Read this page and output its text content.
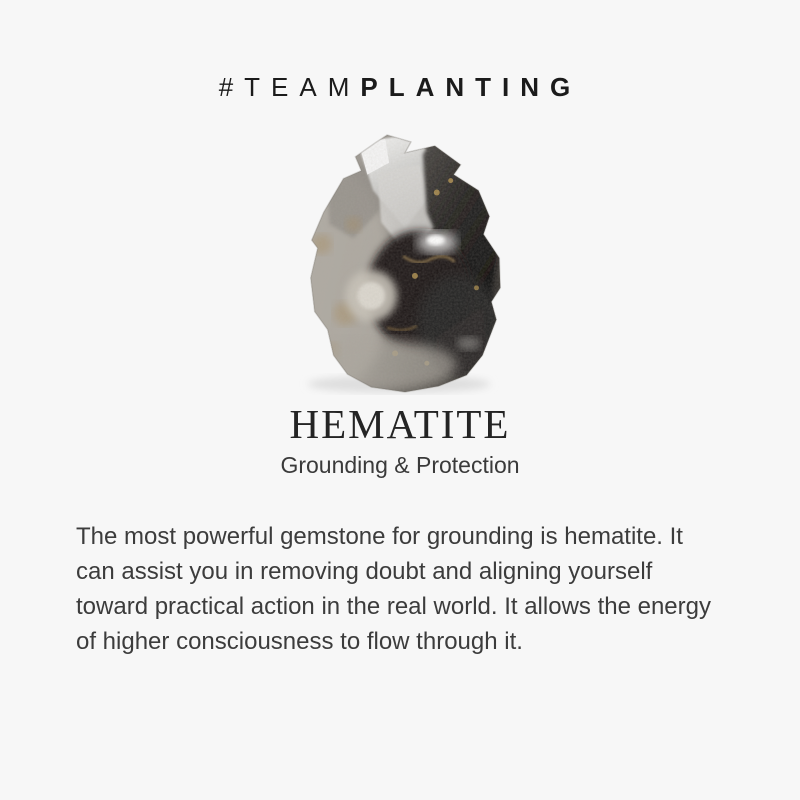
#TEAMPLANTING
HEMATITE
Grounding & Protection

The most powerful gemstone for grounding is hematite. It can assist you in removing doubt and aligning yourself toward practical action in the real world. It allows the energy of higher consciousness to flow through it.
